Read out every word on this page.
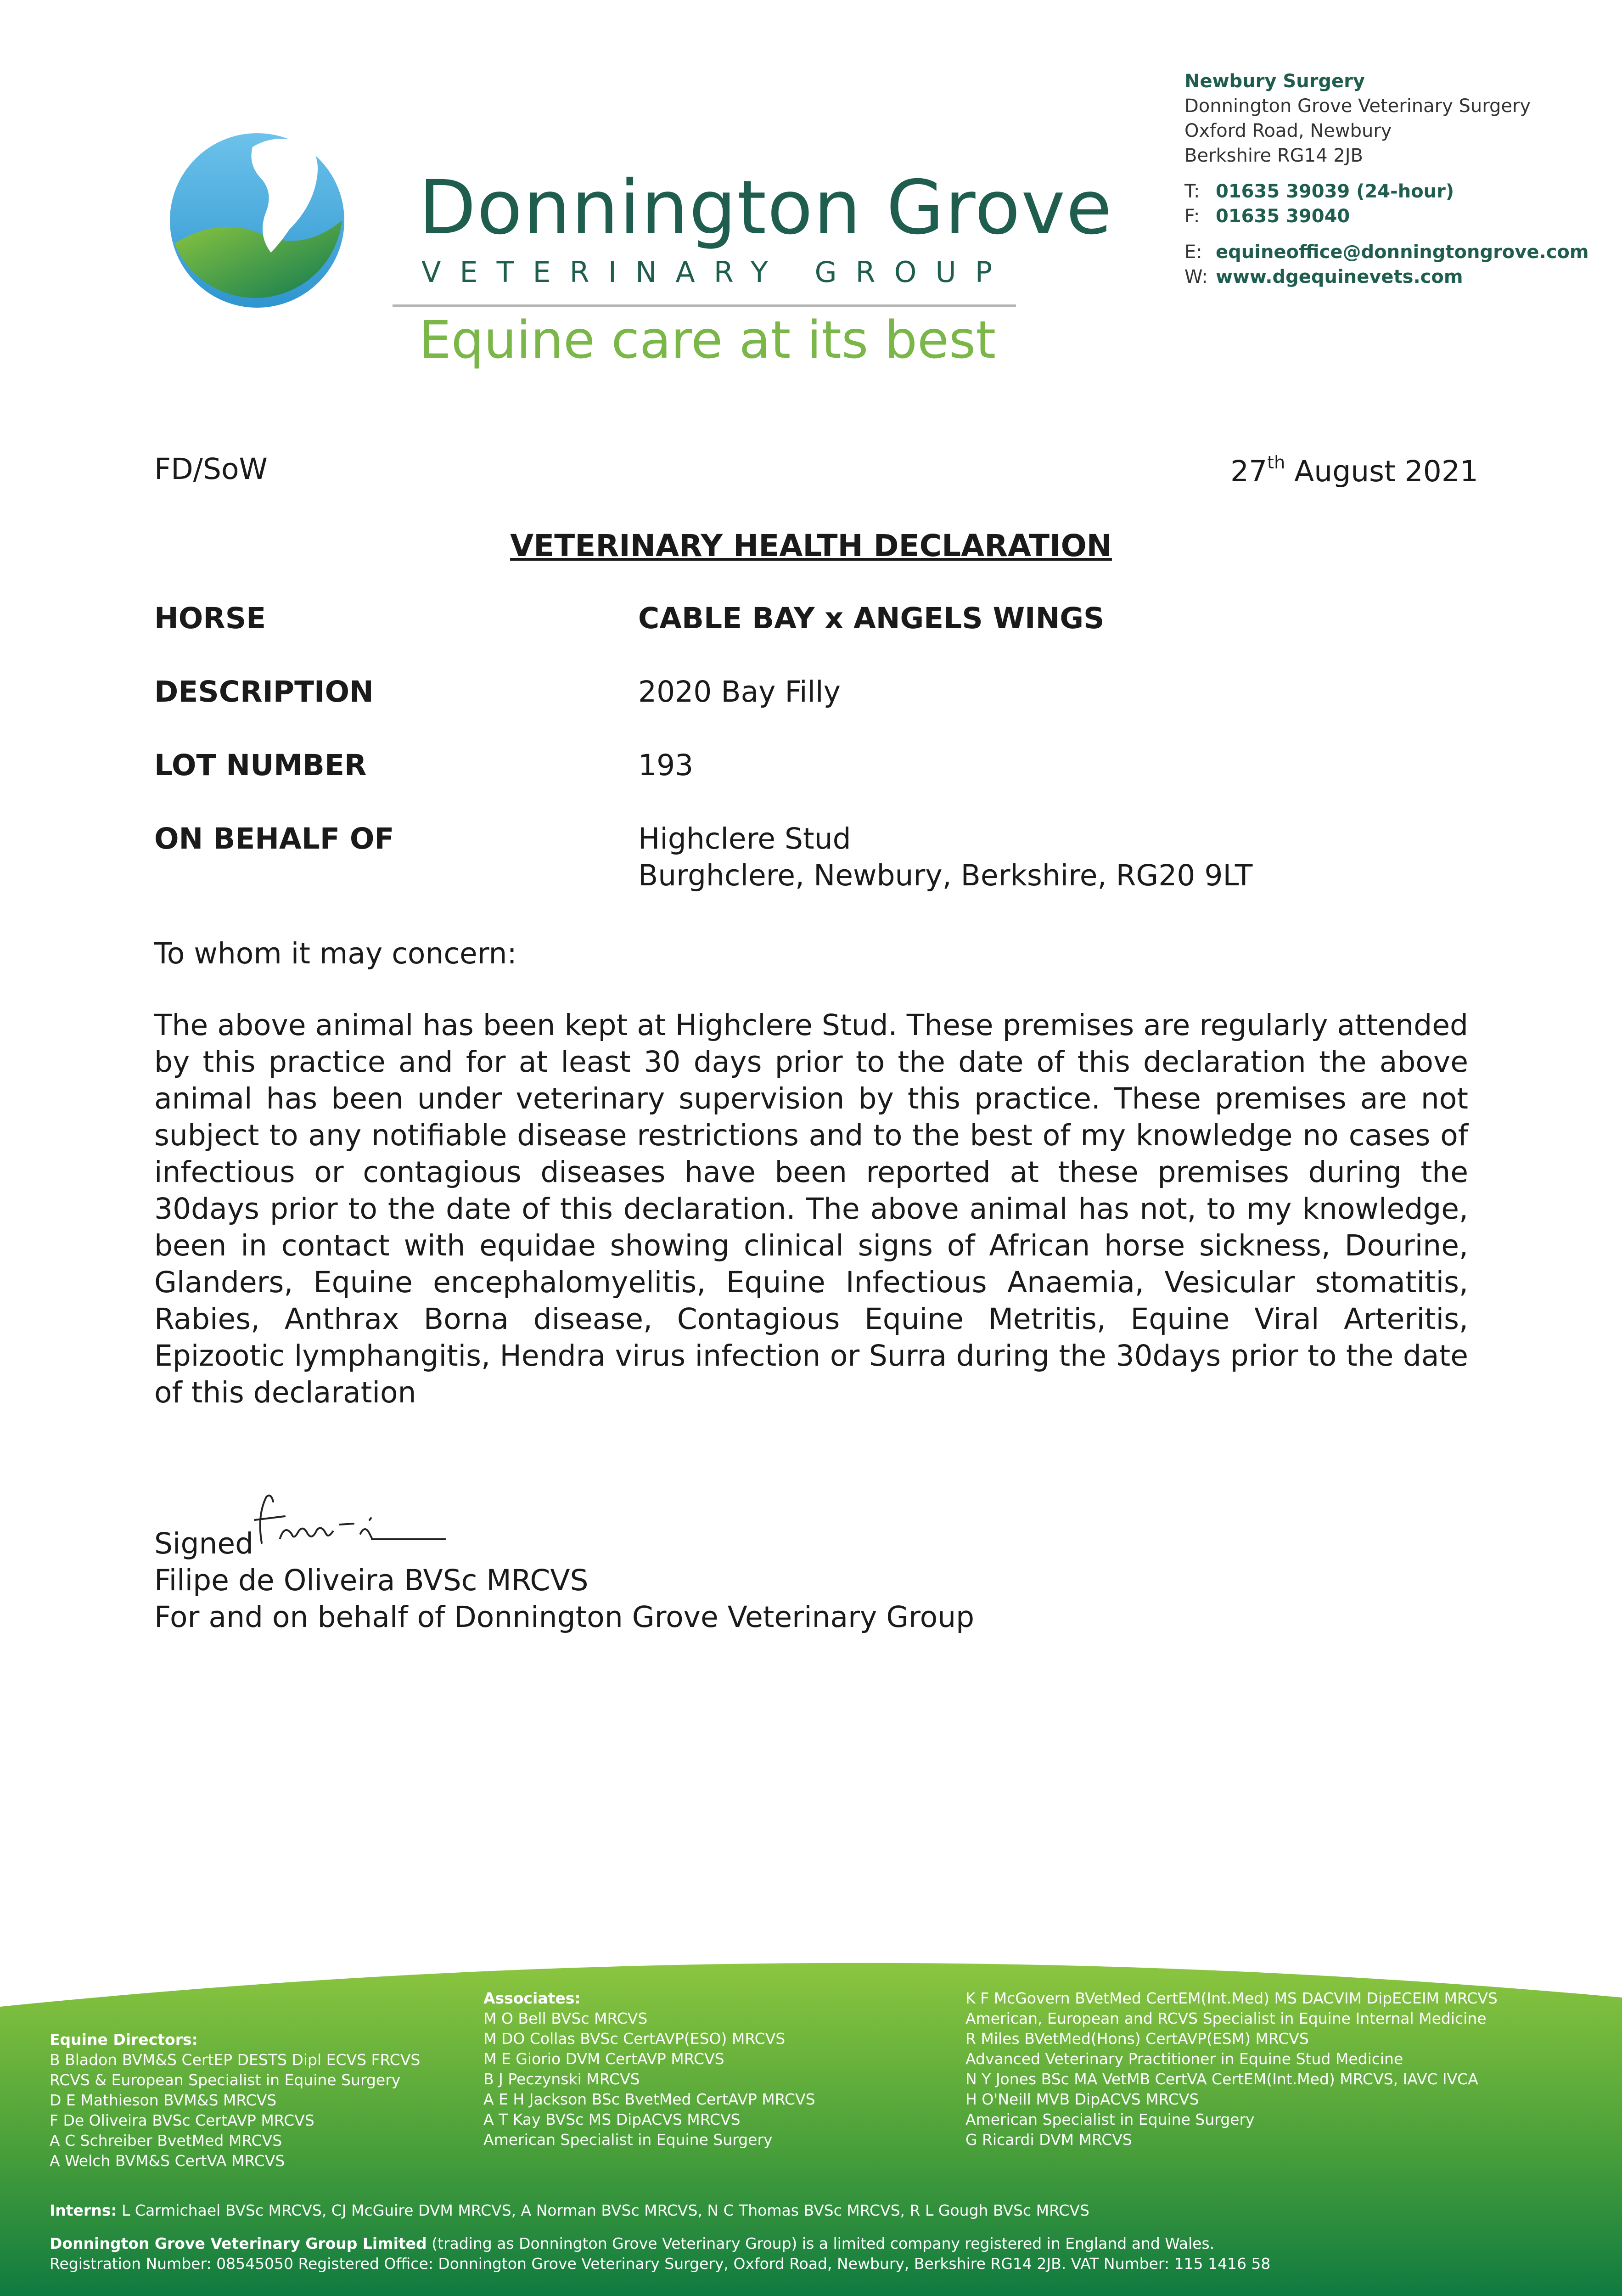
Donnington Grove
VETERINARY GROUP
Equine care at its best
Newbury Surgery
Donnington Grove Veterinary Surgery
Oxford Road, Newbury
Berkshire RG14 2JB
T: 01635 39039 (24-hour)
F: 01635 39040
E: equineoffice@donningtongrove.com
W: www.dgequinevets.com
FD/SoW	27th August 2021
VETERINARY HEALTH DECLARATION
HORSE	CABLE BAY x ANGELS WINGS
DESCRIPTION	2020 Bay Filly
LOT NUMBER	193
ON BEHALF OF	Highclere Stud
Burghclere, Newbury, Berkshire, RG20 9LT
To whom it may concern:
The above animal has been kept at Highclere Stud. These premises are regularly attended by this practice and for at least 30 days prior to the date of this declaration the above animal has been under veterinary supervision by this practice. These premises are not subject to any notifiable disease restrictions and to the best of my knowledge no cases of infectious or contagious diseases have been reported at these premises during the 30days prior to the date of this declaration. The above animal has not, to my knowledge, been in contact with equidae showing clinical signs of African horse sickness, Dourine, Glanders, Equine encephalomyelitis, Equine Infectious Anaemia, Vesicular stomatitis, Rabies, Anthrax Borna disease, Contagious Equine Metritis, Equine Viral Arteritis, Epizootic lymphangitis, Hendra virus infection or Surra during the 30days prior to the date of this declaration
Signed
Filipe de Oliveira BVSc MRCVS
For and on behalf of Donnington Grove Veterinary Group
Equine Directors:
B Bladon BVM&S CertEP DESTS Dipl ECVS FRCVS
RCVS & European Specialist in Equine Surgery
D E Mathieson BVM&S MRCVS
F De Oliveira BVSc CertAVP MRCVS
A C Schreiber BvetMed MRCVS
A Welch BVM&S CertVA MRCVS
Associates:
M O Bell BVSc MRCVS
M DO Collas BVSc CertAVP(ESO) MRCVS
M E Giorio DVM CertAVP MRCVS
B J Peczynski MRCVS
A E H Jackson BSc BvetMed CertAVP MRCVS
A T Kay BVSc MS DipACVS MRCVS
American Specialist in Equine Surgery
K F McGovern BVetMed CertEM(Int.Med) MS DACVIM DipECEIM MRCVS
American, European and RCVS Specialist in Equine Internal Medicine
R Miles BVetMed(Hons) CertAVP(ESM) MRCVS
Advanced Veterinary Practitioner in Equine Stud Medicine
N Y Jones BSc MA VetMB CertVA CertEM(Int.Med) MRCVS, IAVC IVCA
H O'Neill MVB DipACVS MRCVS
American Specialist in Equine Surgery
G Ricardi DVM MRCVS
Interns: L Carmichael BVSc MRCVS, CJ McGuire DVM MRCVS, A Norman BVSc MRCVS, N C Thomas BVSc MRCVS, R L Gough BVSc MRCVS
Donnington Grove Veterinary Group Limited (trading as Donnington Grove Veterinary Group) is a limited company registered in England and Wales.
Registration Number: 08545050 Registered Office: Donnington Grove Veterinary Surgery, Oxford Road, Newbury, Berkshire RG14 2JB. VAT Number: 115 1416 58
